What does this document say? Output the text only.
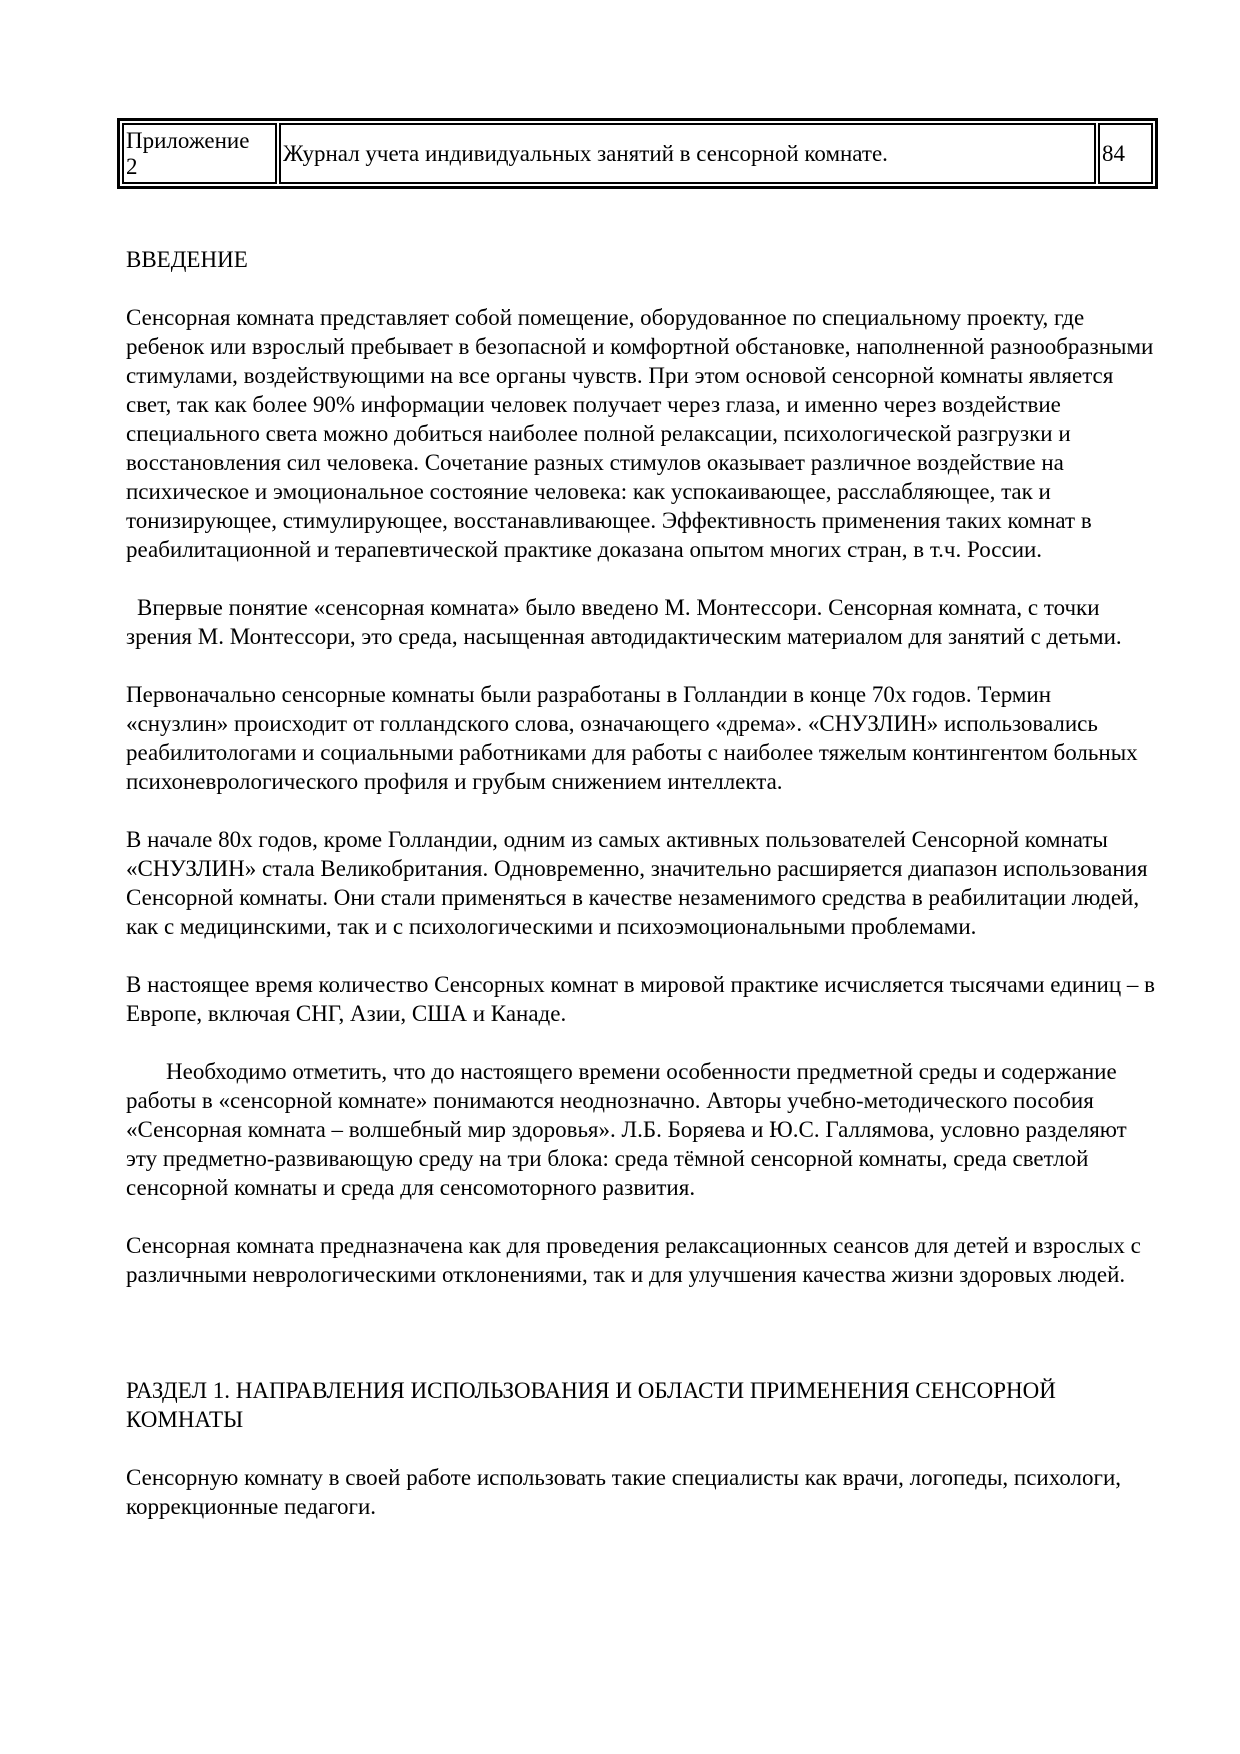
Приложение
2
Журнал учета индивидуальных занятий в сенсорной комнате.	84
ВВЕДЕНИЕ

Сенсорная комната представляет собой помещение, оборудованное по специальному проекту, где ребенок или взрослый пребывает в безопасной и комфортной обстановке, наполненной разнообразными стимулами, воздействующими на все органы чувств. При этом основой сенсорной комнаты является свет, так как более 90% информации человек получает через глаза, и именно через воздействие специального света можно добиться наиболее полной релаксации, психологической разгрузки и восстановления сил человека. Сочетание разных стимулов оказывает различное воздействие на психическое и эмоциональное состояние человека: как успокаивающее, расслабляющее, так и тонизирующее, стимулирующее, восстанавливающее. Эффективность применения таких комнат в реабилитационной и терапевтической практике доказана опытом многих стран, в т.ч. России.

Впервые понятие «сенсорная комната» было введено М. Монтессори. Сенсорная комната, с точки зрения М. Монтессори, это среда, насыщенная автодидактическим материалом для занятий с детьми.

Первоначально сенсорные комнаты были разработаны в Голландии в конце 70х годов. Термин «снузлин» происходит от голландского слова, означающего «дрема». «СНУЗЛИН» использовались реабилитологами и социальными работниками для работы с наиболее тяжелым контингентом больных психоневрологического профиля и грубым снижением интеллекта.

В начале 80х годов, кроме Голландии, одним из самых активных пользователей Сенсорной комнаты «СНУЗЛИН» стала Великобритания. Одновременно, значительно расширяется диапазон использования Сенсорной комнаты. Они стали применяться в качестве незаменимого средства в реабилитации людей, как с медицинскими, так и с психологическими и психоэмоциональными проблемами.

В настоящее время количество Сенсорных комнат в мировой практике исчисляется тысячами единиц – в Европе, включая СНГ, Азии, США и Канаде.

Необходимо отметить, что до настоящего времени особенности предметной среды и содержание работы в «сенсорной комнате» понимаются неоднозначно. Авторы учебно-методического пособия «Сенсорная комната – волшебный мир здоровья». Л.Б. Боряева и Ю.С. Галлямова, условно разделяют эту предметно-развивающую среду на три блока: среда тёмной сенсорной комнаты, среда светлой сенсорной комнаты и среда для сенсомоторного развития.

Сенсорная комната предназначена как для проведения релаксационных сеансов для детей и взрослых с различными неврологическими отклонениями, так и для улучшения качества жизни здоровых людей.

РАЗДЕЛ 1. НАПРАВЛЕНИЯ ИСПОЛЬЗОВАНИЯ И ОБЛАСТИ ПРИМЕНЕНИЯ СЕНСОРНОЙ КОМНАТЫ

Сенсорную комнату в своей работе использовать такие специалисты как врачи, логопеды, психологи, коррекционные педагоги.
